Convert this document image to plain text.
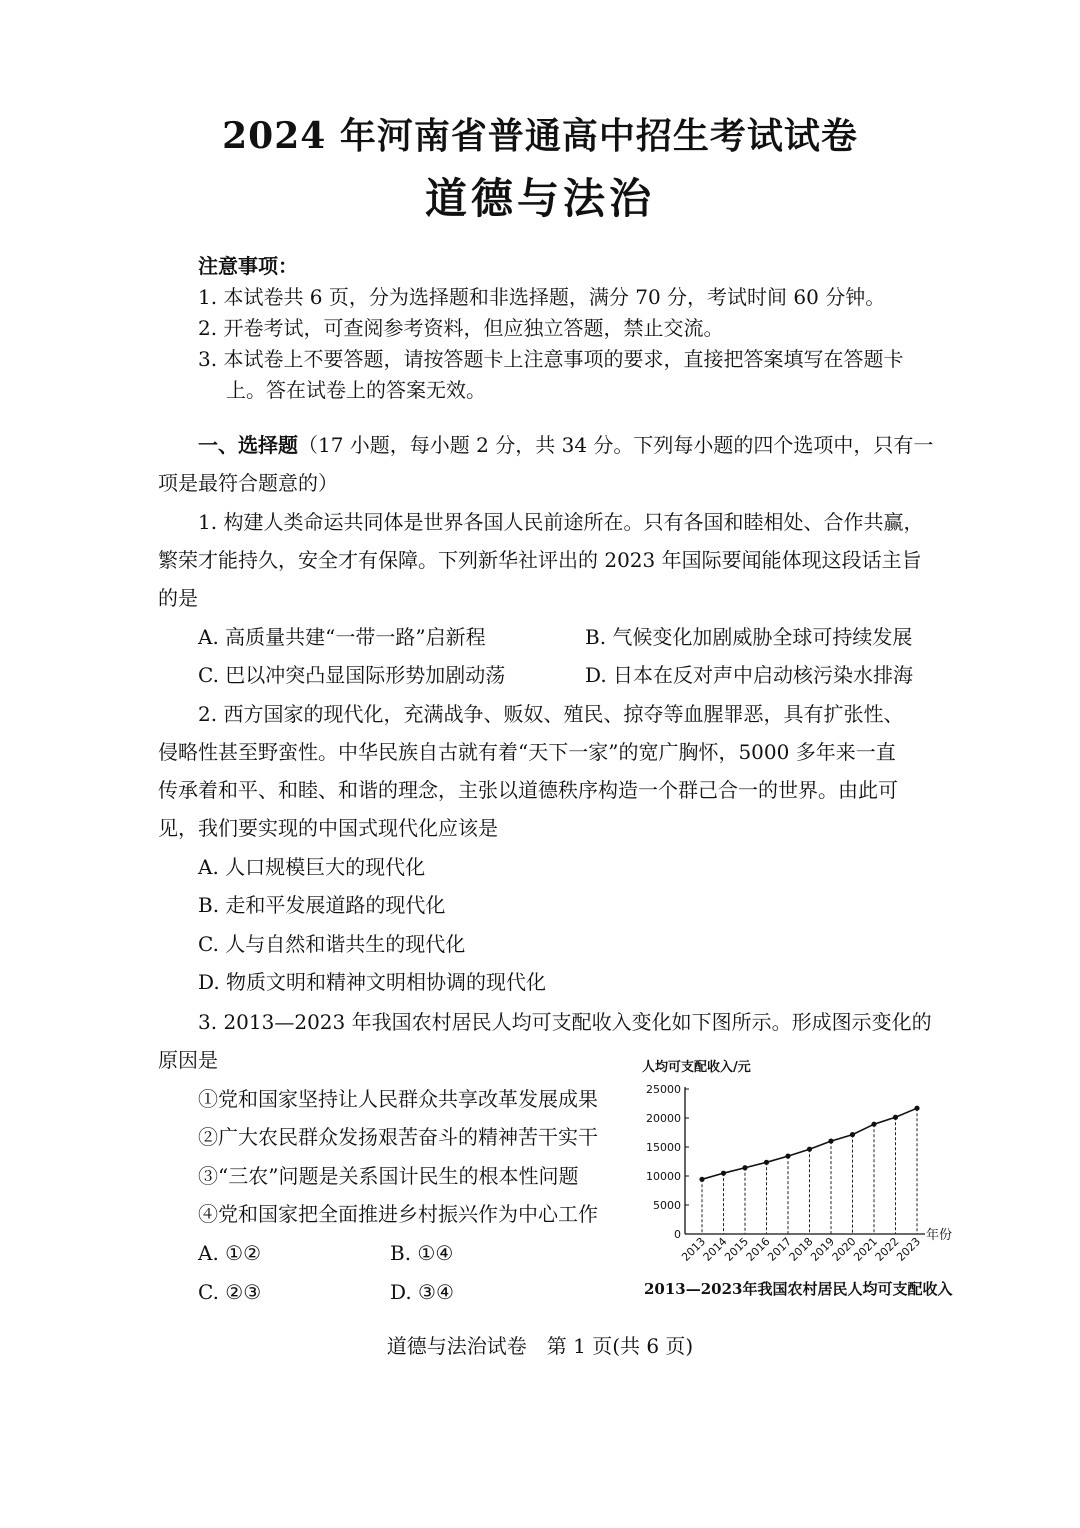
2024 年河南省普通高中招生考试试卷
道德与法治
注意事项：
1. 本试卷共 6 页，分为选择题和非选择题，满分 70 分，考试时间 60 分钟。
2. 开卷考试，可查阅参考资料，但应独立答题，禁止交流。
3. 本试卷上不要答题，请按答题卡上注意事项的要求，直接把答案填写在答题卡
上。答在试卷上的答案无效。
一、选择题（17 小题，每小题 2 分，共 34 分。下列每小题的四个选项中，只有一
项是最符合题意的）
1. 构建人类命运共同体是世界各国人民前途所在。只有各国和睦相处、合作共赢，
繁荣才能持久，安全才有保障。下列新华社评出的 2023 年国际要闻能体现这段话主旨
的是
A. 高质量共建“一带一路”启新程	B. 气候变化加剧威胁全球可持续发展
C. 巴以冲突凸显国际形势加剧动荡	D. 日本在反对声中启动核污染水排海
2. 西方国家的现代化，充满战争、贩奴、殖民、掠夺等血腥罪恶，具有扩张性、
侵略性甚至野蛮性。中华民族自古就有着“天下一家”的宽广胸怀，5000 多年来一直
传承着和平、和睦、和谐的理念，主张以道德秩序构造一个群己合一的世界。由此可
见，我们要实现的中国式现代化应该是
A. 人口规模巨大的现代化
B. 走和平发展道路的现代化
C. 人与自然和谐共生的现代化
D. 物质文明和精神文明相协调的现代化
3. 2013—2023 年我国农村居民人均可支配收入变化如下图所示。形成图示变化的
原因是
①党和国家坚持让人民群众共享改革发展成果
②广大农民群众发扬艰苦奋斗的精神苦干实干
③“三农”问题是关系国计民生的根本性问题
④党和国家把全面推进乡村振兴作为中心工作
A. ①②	B. ①④
C. ②③	D. ③④
人均可支配收入/元
年份
0
5000
10000
15000
20000
25000
2013
2014
2015
2016
2017
2018
2019
2020
2021
2022
2023
2013—2023年我国农村居民人均可支配收入
道德与法治试卷　第 1 页(共 6 页)
